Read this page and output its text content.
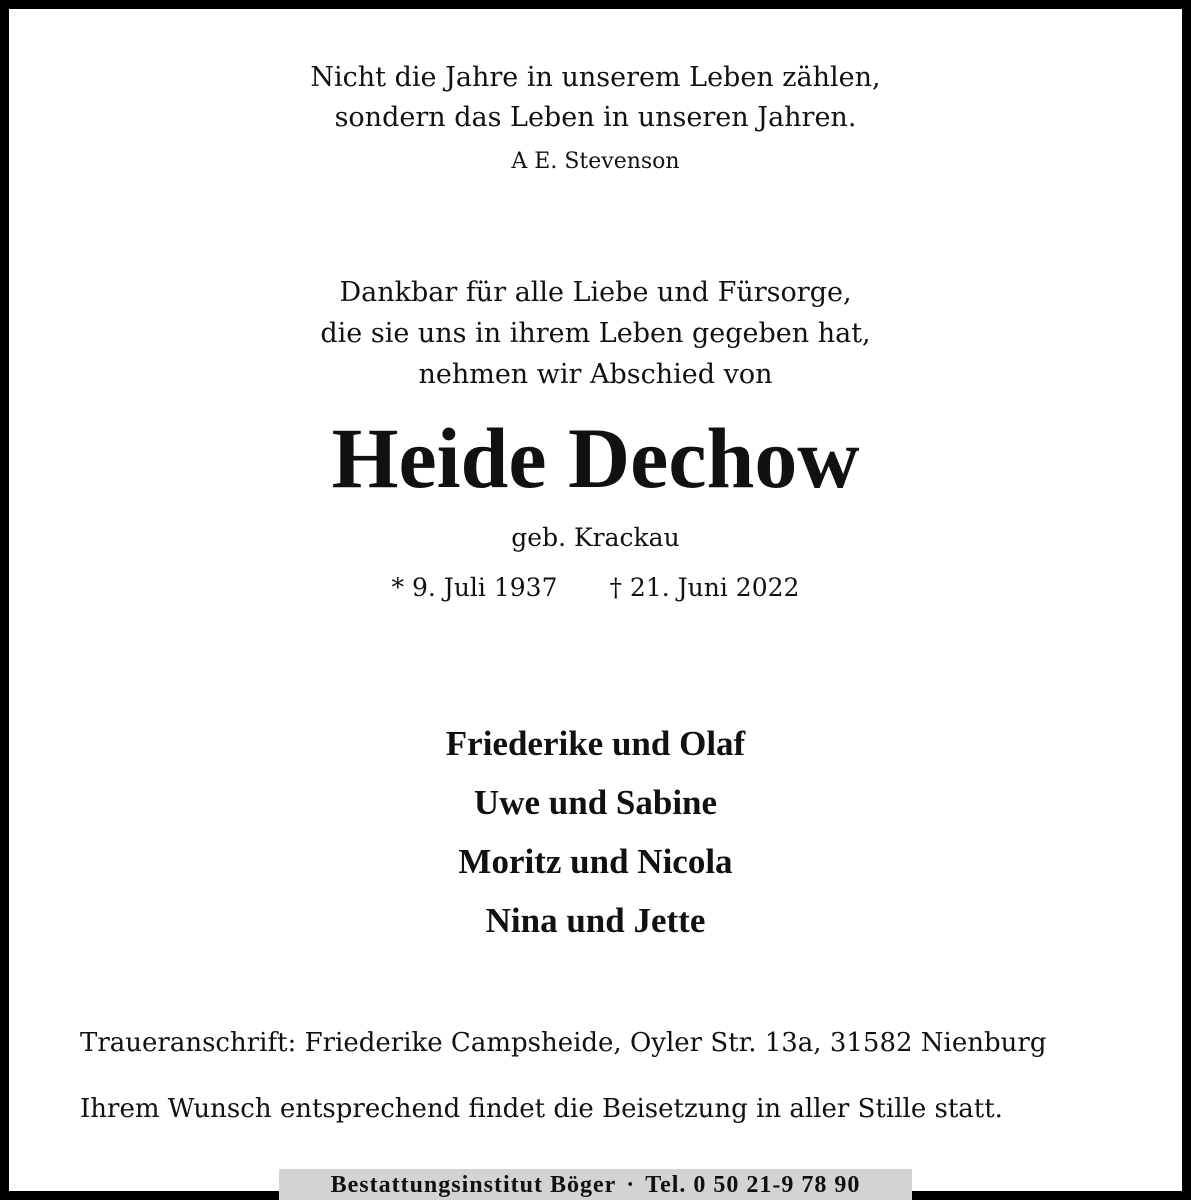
Nicht die Jahre in unserem Leben zählen,
sondern das Leben in unseren Jahren.
A E. Stevenson
Dankbar für alle Liebe und Fürsorge,
die sie uns in ihrem Leben gegeben hat,
nehmen wir Abschied von
Heide Dechow
geb. Krackau
* 9. Juli 1937 † 21. Juni 2022
Friederike und Olaf
Uwe und Sabine
Moritz und Nicola
Nina und Jette
Traueranschrift: Friederike Campsheide, Oyler Str. 13a, 31582 Nienburg
Ihrem Wunsch entsprechend findet die Beisetzung in aller Stille statt.
Bestattungsinstitut Böger · Tel. 0 50 21-9 78 90
